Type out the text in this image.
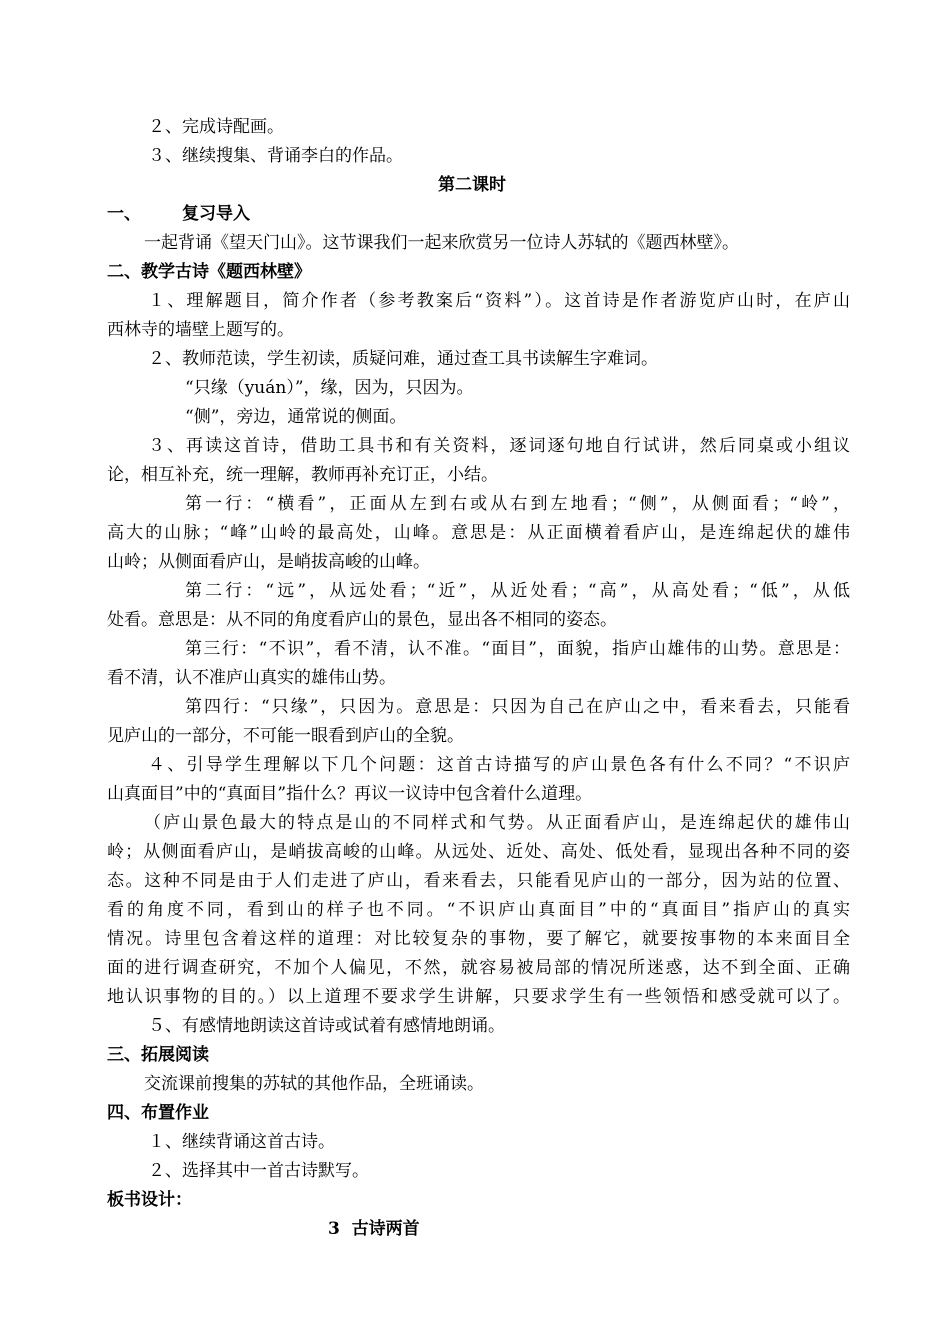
２、完成诗配画。
３、继续搜集、背诵李白的作品。
第二课时
一、 复习导入
一起背诵《望天门山》。这节课我们一起来欣赏另一位诗人苏轼的《题西林壁》。
二、教学古诗《题西林壁》
１、理解题目，简介作者（参考教案后“资料”）。这首诗是作者游览庐山时，在庐山
西林寺的墙壁上题写的。
２、教师范读，学生初读，质疑问难，通过查工具书读解生字难词。
“只缘（yuán）”，缘，因为，只因为。
“侧”，旁边，通常说的侧面。
３、再读这首诗，借助工具书和有关资料，逐词逐句地自行试讲，然后同桌或小组议
论，相互补充，统一理解，教师再补充订正，小结。
第一行：“横看”，正面从左到右或从右到左地看；“侧”，从侧面看；“岭”，
高大的山脉；“峰”山岭的最高处，山峰。意思是：从正面横着看庐山，是连绵起伏的雄伟
山岭；从侧面看庐山，是峭拔高峻的山峰。
第二行：“远”，从远处看；“近”，从近处看；“高”，从高处看；“低”，从低
处看。意思是：从不同的角度看庐山的景色，显出各不相同的姿态。
第三行：“不识”，看不清，认不准。“面目”，面貌，指庐山雄伟的山势。意思是：
看不清，认不准庐山真实的雄伟山势。
第四行：“只缘”，只因为。意思是：只因为自己在庐山之中，看来看去，只能看
见庐山的一部分，不可能一眼看到庐山的全貌。
４、引导学生理解以下几个问题：这首古诗描写的庐山景色各有什么不同？“不识庐
山真面目”中的“真面目”指什么？再议一议诗中包含着什么道理。
（庐山景色最大的特点是山的不同样式和气势。从正面看庐山，是连绵起伏的雄伟山
岭；从侧面看庐山，是峭拔高峻的山峰。从远处、近处、高处、低处看，显现出各种不同的姿
态。这种不同是由于人们走进了庐山，看来看去，只能看见庐山的一部分，因为站的位置、
看的角度不同，看到山的样子也不同。“不识庐山真面目”中的“真面目”指庐山的真实
情况。诗里包含着这样的道理：对比较复杂的事物，要了解它，就要按事物的本来面目全
面的进行调查研究，不加个人偏见，不然，就容易被局部的情况所迷惑，达不到全面、正确
地认识事物的目的。）以上道理不要求学生讲解，只要求学生有一些领悟和感受就可以了。
５、有感情地朗读这首诗或试着有感情地朗诵。
三、拓展阅读
交流课前搜集的苏轼的其他作品，全班诵读。
四、布置作业
１、继续背诵这首古诗。
２、选择其中一首古诗默写。
板书设计：
3  古诗两首
